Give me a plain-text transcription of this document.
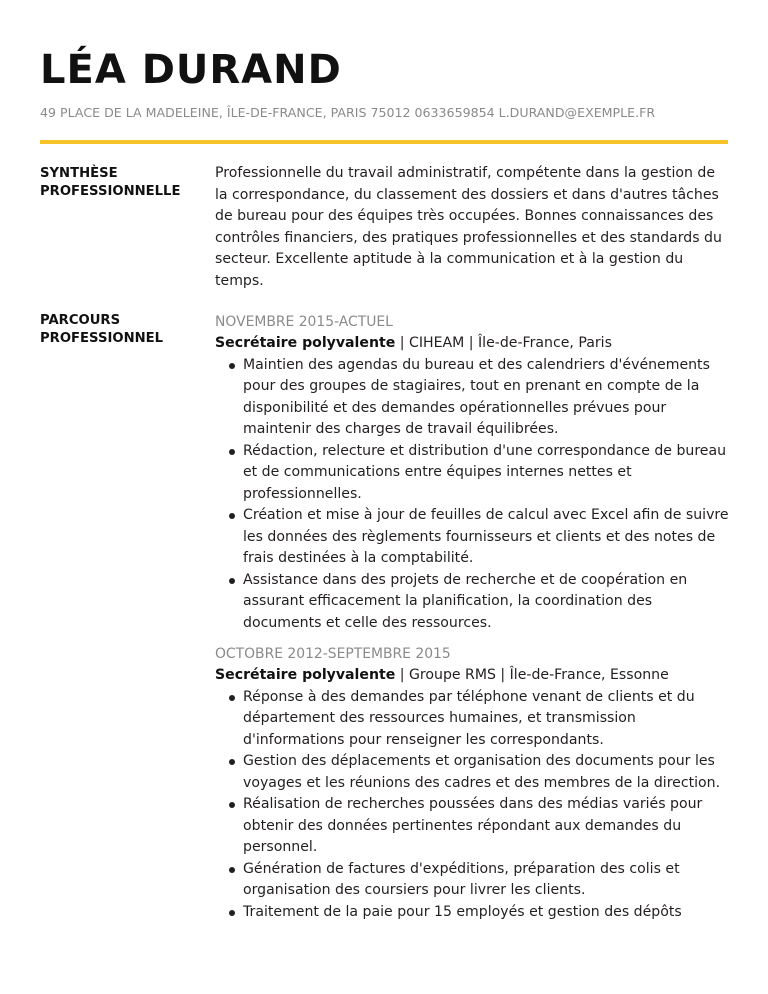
LÉA DURAND
49 PLACE DE LA MADELEINE, ÎLE-DE-FRANCE, PARIS 75012 0633659854 L.DURAND@EXEMPLE.FR
SYNTHÈSE
PROFESSIONNELLE

Professionnelle du travail administratif, compétente dans la gestion de la correspondance, du classement des dossiers et dans d'autres tâches de bureau pour des équipes très occupées. Bonnes connaissances des contrôles financiers, des pratiques professionnelles et des standards du secteur. Excellente aptitude à la communication et à la gestion du temps.

PARCOURS
PROFESSIONNEL
NOVEMBRE 2015-ACTUEL
Secrétaire polyvalente | CIHEAM | Île-de-France, Paris
Maintien des agendas du bureau et des calendriers d'événements pour des groupes de stagiaires, tout en prenant en compte de la disponibilité et des demandes opérationnelles prévues pour maintenir des charges de travail équilibrées.
Rédaction, relecture et distribution d'une correspondance de bureau et de communications entre équipes internes nettes et professionnelles.
Création et mise à jour de feuilles de calcul avec Excel afin de suivre les données des règlements fournisseurs et clients et des notes de frais destinées à la comptabilité.
Assistance dans des projets de recherche et de coopération en assurant efficacement la planification, la coordination des documents et celle des ressources.
OCTOBRE 2012-SEPTEMBRE 2015
Secrétaire polyvalente | Groupe RMS | Île-de-France, Essonne
Réponse à des demandes par téléphone venant de clients et du département des ressources humaines, et transmission d'informations pour renseigner les correspondants.
Gestion des déplacements et organisation des documents pour les voyages et les réunions des cadres et des membres de la direction.
Réalisation de recherches poussées dans des médias variés pour obtenir des données pertinentes répondant aux demandes du personnel.
Génération de factures d'expéditions, préparation des colis et organisation des coursiers pour livrer les clients.
Traitement de la paie pour 15 employés et gestion des dépôts
